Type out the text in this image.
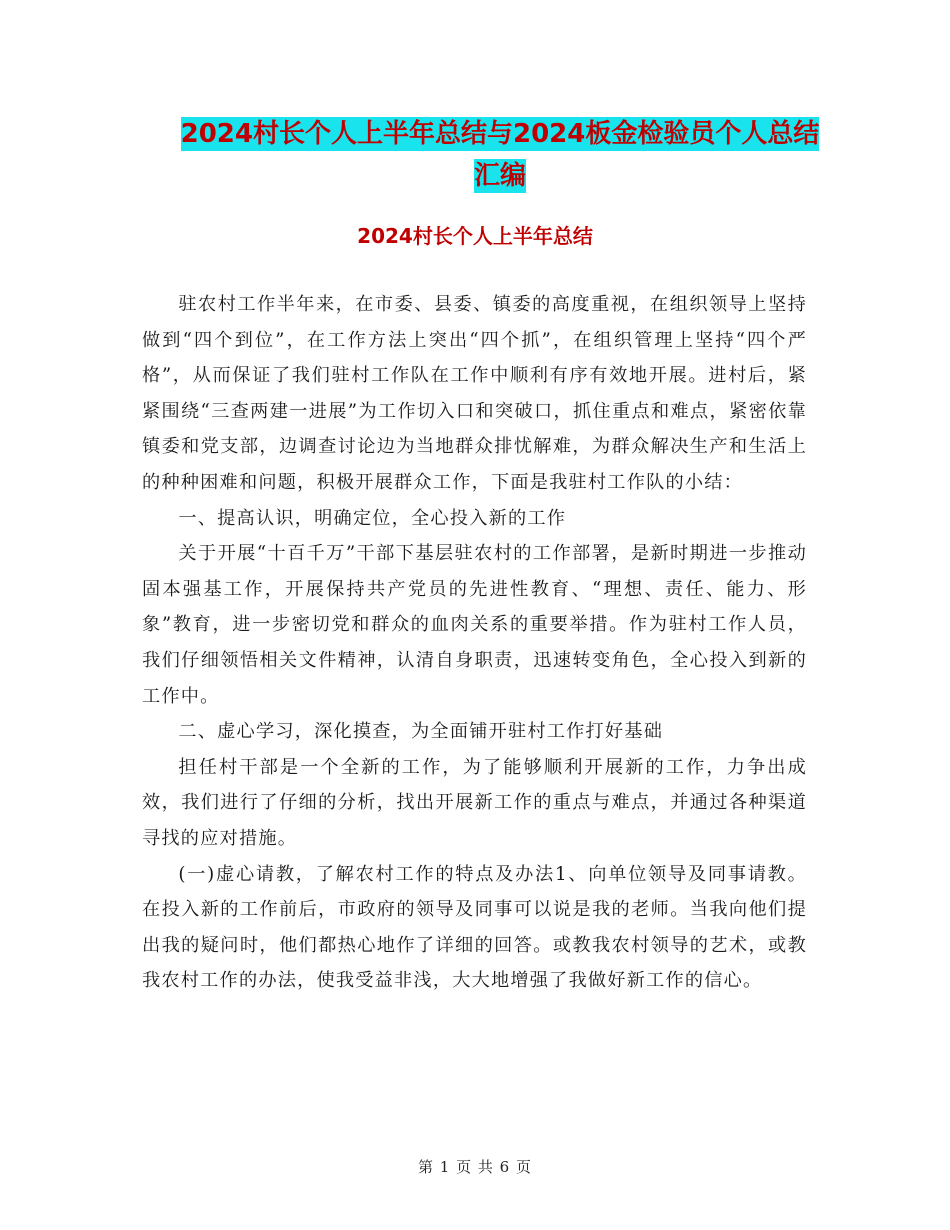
2024村长个人上半年总结与2024板金检验员个人总结
汇编
2024村长个人上半年总结

驻农村工作半年来，在市委、县委、镇委的高度重视，在组织领导上坚持做到“四个到位”，在工作方法上突出“四个抓”，在组织管理上坚持“四个严格”，从而保证了我们驻村工作队在工作中顺利有序有效地开展。进村后，紧紧围绕“三查两建一进展”为工作切入口和突破口，抓住重点和难点，紧密依靠镇委和党支部，边调查讨论边为当地群众排忧解难，为群众解决生产和生活上的种种困难和问题，积极开展群众工作，下面是我驻村工作队的小结：

一、提高认识，明确定位，全心投入新的工作

关于开展“十百千万”干部下基层驻农村的工作部署，是新时期进一步推动固本强基工作，开展保持共产党员的先进性教育、“理想、责任、能力、形象”教育，进一步密切党和群众的血肉关系的重要举措。作为驻村工作人员，我们仔细领悟相关文件精神，认清自身职责，迅速转变角色，全心投入到新的工作中。

二、虚心学习，深化摸查，为全面铺开驻村工作打好基础

担任村干部是一个全新的工作，为了能够顺利开展新的工作，力争出成效，我们进行了仔细的分析，找出开展新工作的重点与难点，并通过各种渠道寻找的应对措施。

(一)虚心请教，了解农村工作的特点及办法1、向单位领导及同事请教。在投入新的工作前后，市政府的领导及同事可以说是我的老师。当我向他们提出我的疑问时，他们都热心地作了详细的回答。或教我农村领导的艺术，或教我农村工作的办法，使我受益非浅，大大地增强了我做好新工作的信心。

第 1 页 共 6 页
